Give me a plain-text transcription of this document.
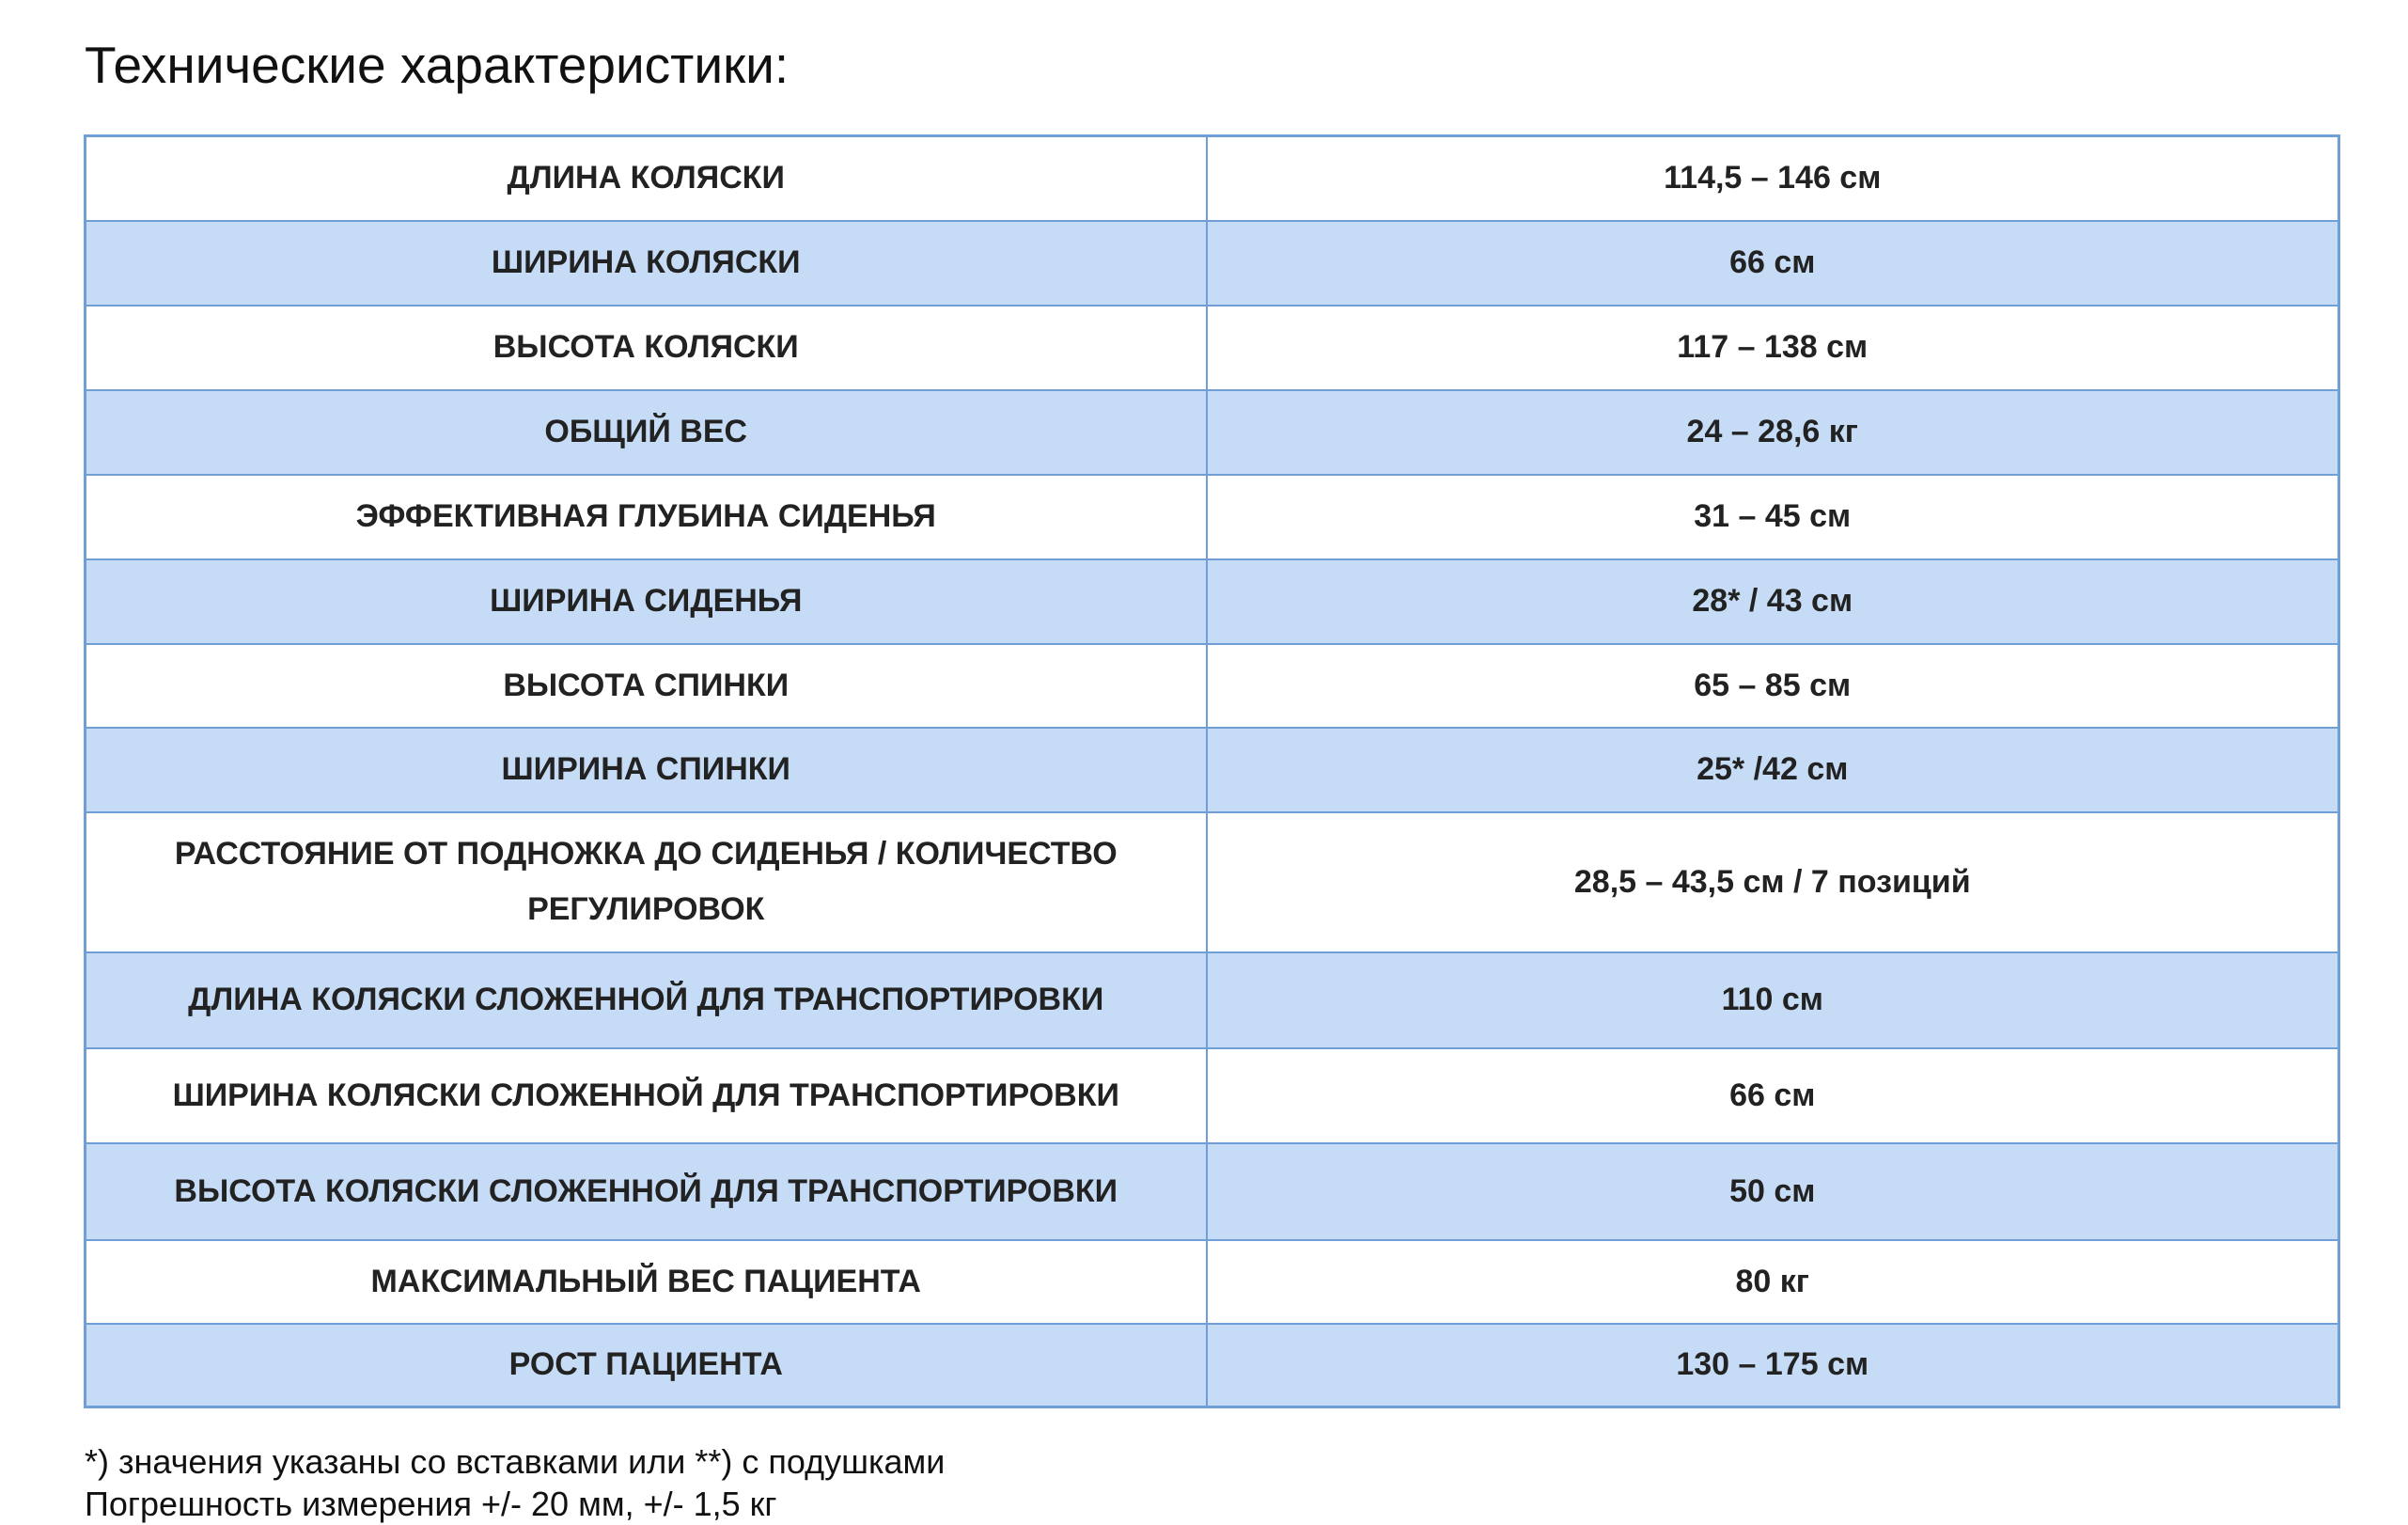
Технические характеристики:
ДЛИНА КОЛЯСКИ	114,5 – 146 см
ШИРИНА КОЛЯСКИ	66 см
ВЫСОТА КОЛЯСКИ	117 – 138 см
ОБЩИЙ ВЕС	24 – 28,6 кг
ЭФФЕКТИВНАЯ ГЛУБИНА СИДЕНЬЯ	31 – 45 см
ШИРИНА СИДЕНЬЯ	28* / 43 см
ВЫСОТА СПИНКИ	65 – 85 см
ШИРИНА СПИНКИ	25* /42 см
РАССТОЯНИЕ ОТ ПОДНОЖКА ДО СИДЕНЬЯ / КОЛИЧЕСТВО РЕГУЛИРОВОК	28,5 – 43,5 см / 7 позиций
ДЛИНА КОЛЯСКИ СЛОЖЕННОЙ ДЛЯ ТРАНСПОРТИРОВКИ	110 см
ШИРИНА КОЛЯСКИ СЛОЖЕННОЙ ДЛЯ ТРАНСПОРТИРОВКИ	66 см
ВЫСОТА КОЛЯСКИ СЛОЖЕННОЙ ДЛЯ ТРАНСПОРТИРОВКИ	50 см
МАКСИМАЛЬНЫЙ ВЕС ПАЦИЕНТА	80 кг
РОСТ ПАЦИЕНТА	130 – 175 см
*) значения указаны со вставками или **) с подушками
Погрешность измерения +/- 20 мм, +/- 1,5 кг
